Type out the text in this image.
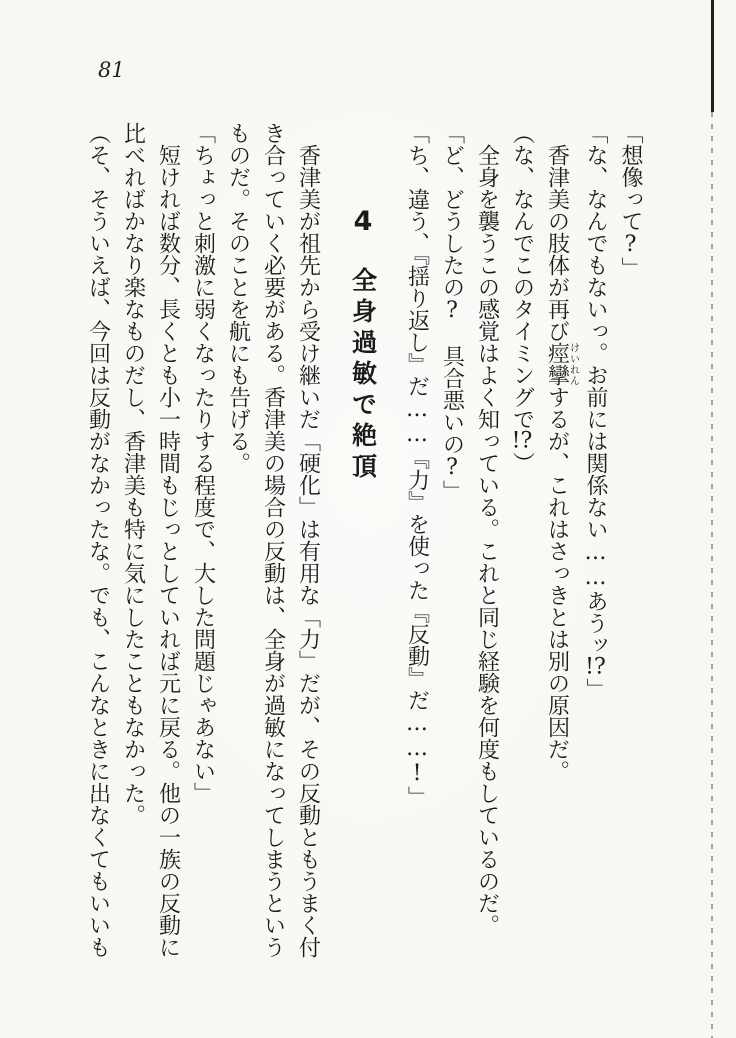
81

「想像って?」

「な、なんでもないっ。お前には関係ない……あうッ!?」

香津美の肢体が再び痙攣けいれんするが、これはさっきとは別の原因だ。

（な、なんでこのタイミングで!?）

全身を襲うこの感覚はよく知っている。これと同じ経験を何度もしているのだ。

「ど、どうしたの?　具合悪いの?」

「ち、違う、『揺り返し』だ……『力』を使った『反動』だ……!」

4全身過敏で絶頂

香津美が祖先から受け継いだ「硬化」は有用な「力」だが、その反動ともうまく付き合っていく必要がある。香津美の場合の反動は、全身が過敏になってしまうというものだ。そのことを航にも告げる。

「ちょっと刺激に弱くなったりする程度で、大した問題じゃあない」

短ければ数分、長くとも小一時間もじっとしていれば元に戻る。他の一族の反動に比べればかなり楽なものだし、香津美も特に気にしたこともなかった。

（そ、そういえば、今回は反動がなかったな。でも、こんなときに出なくてもいいも
